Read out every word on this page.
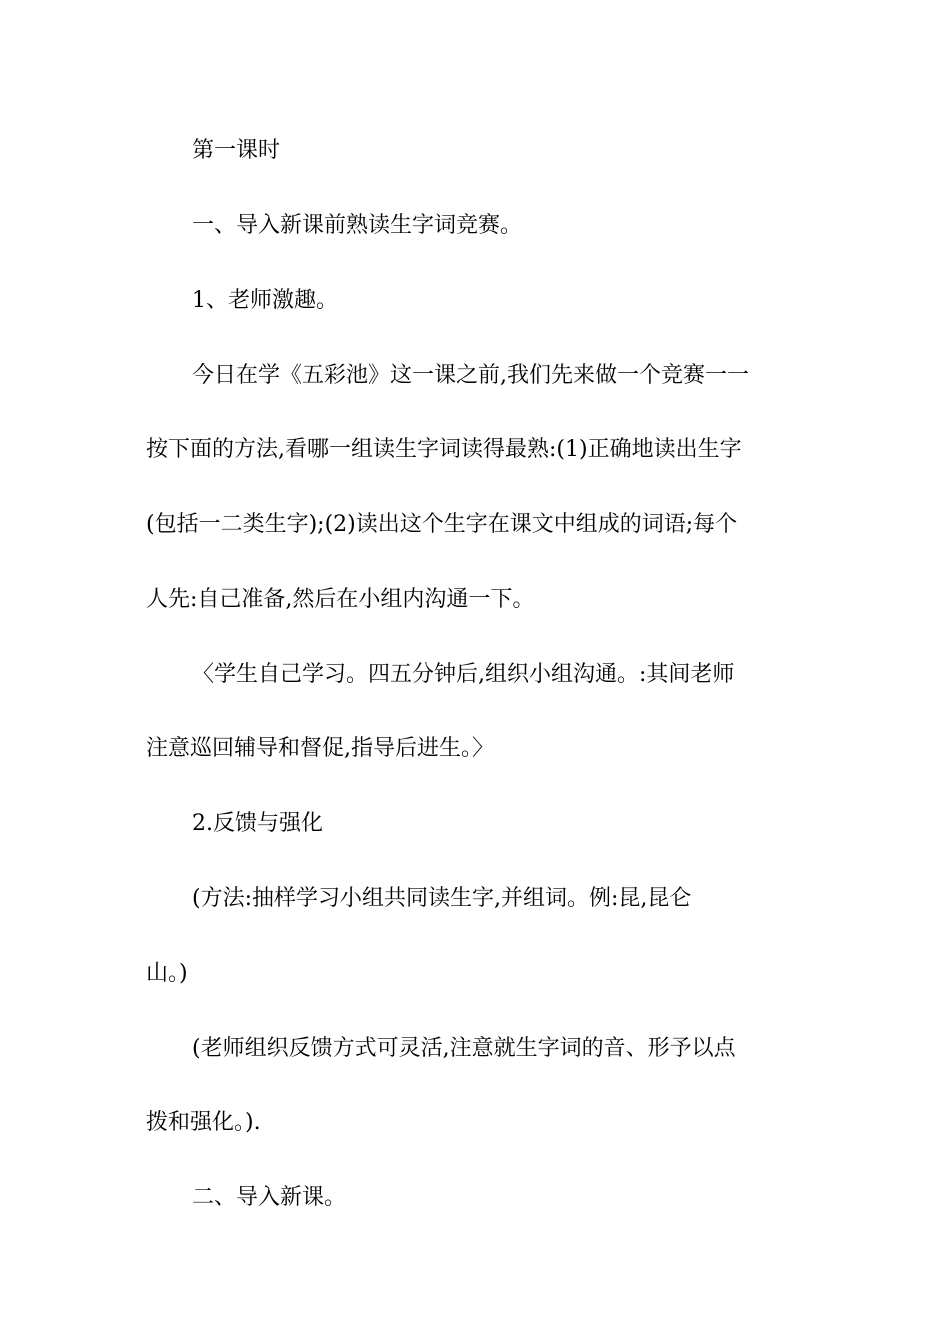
第一课时
一、导入新课前熟读生字词竞赛。
1、老师激趣。
今日在学《五彩池》这一课之前,我们先来做一个竞赛一一
按下面的方法,看哪一组读生字词读得最熟:(1)正确地读出生字
(包括一二类生字);(2)读出这个生字在课文中组成的词语;每个
人先:自己准备,然后在小组内沟通一下。
〈学生自己学习。四五分钟后,组织小组沟通。:其间老师
注意巡回辅导和督促,指导后进生。〉
2.反馈与强化
(方法:抽样学习小组共同读生字,并组词。例:昆,昆仑
山。)
(老师组织反馈方式可灵活,注意就生字词的音、形予以点
拨和强化。).
二、导入新课。
